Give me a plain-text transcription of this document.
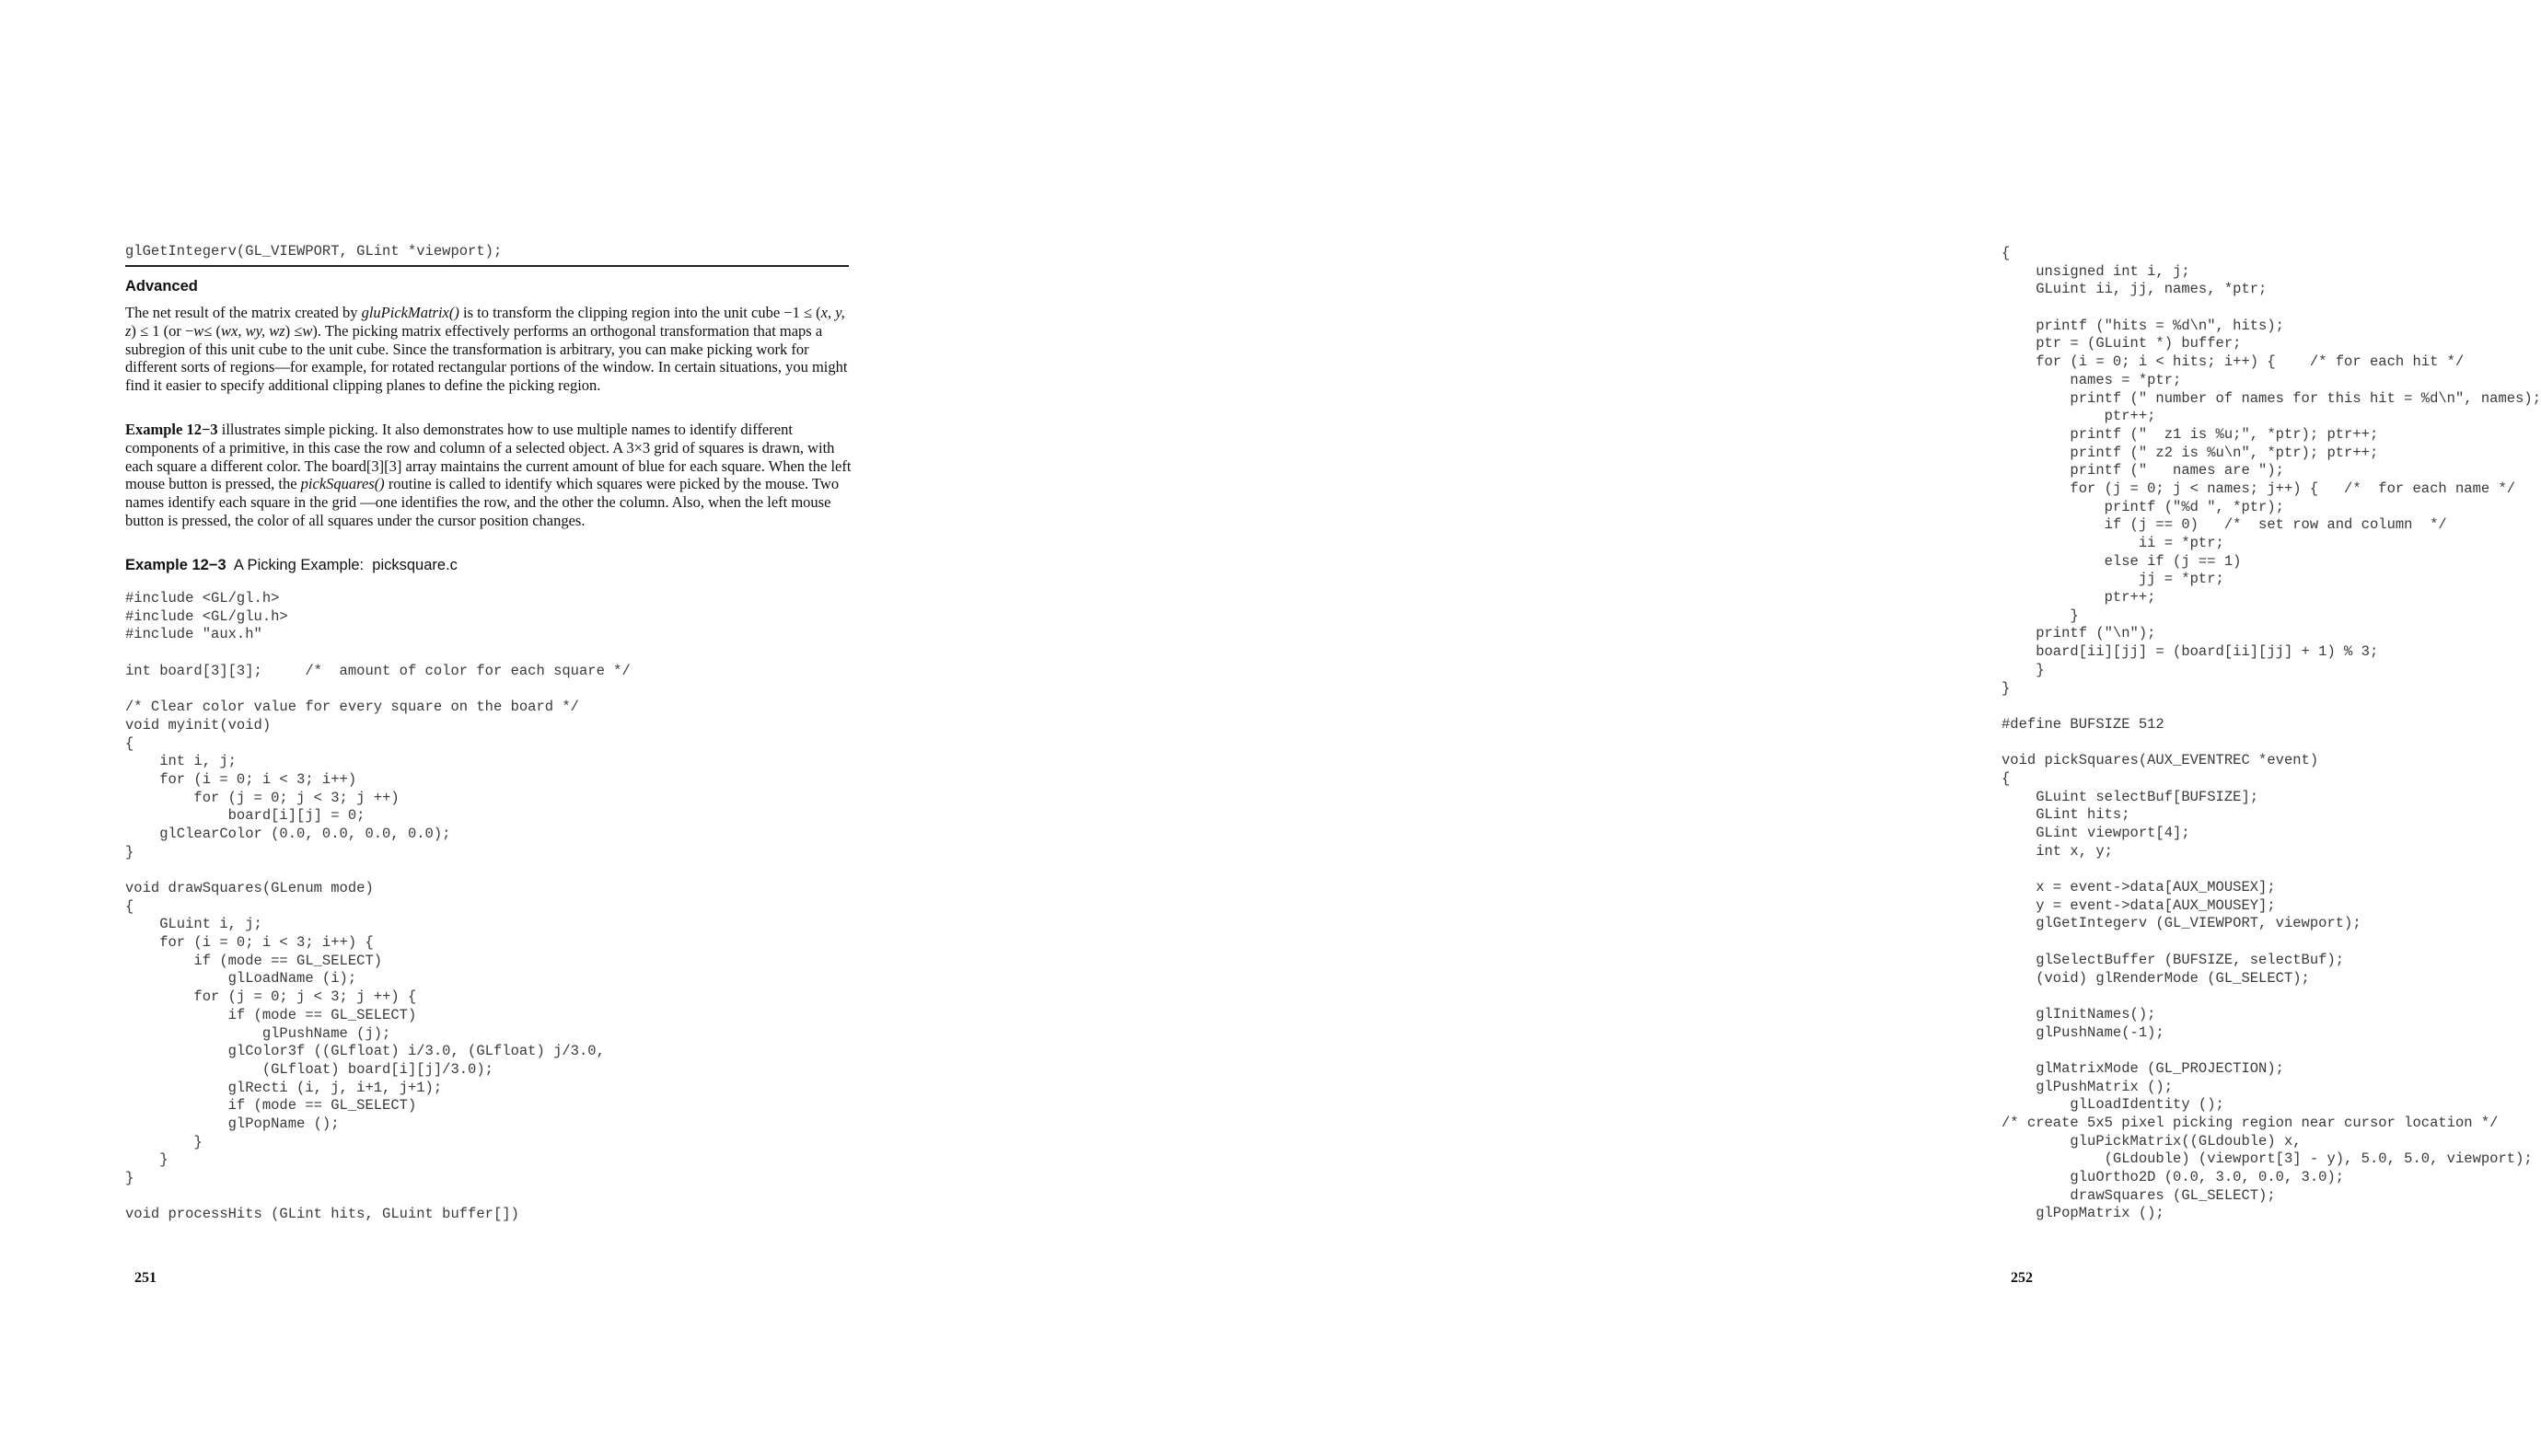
glGetIntegerv(GL_VIEWPORT, GLint *viewport);
Advanced
The net result of the matrix created by gluPickMatrix() is to transform the clipping region into the unit cube −1 ≤ (x, y, z) ≤ 1 (or −w≤ (wx, wy, wz) ≤w). The picking matrix effectively performs an orthogonal transformation that maps a subregion of this unit cube to the unit cube. Since the transformation is arbitrary, you can make picking work for different sorts of regions—for example, for rotated rectangular portions of the window. In certain situations, you might find it easier to specify additional clipping planes to define the picking region.
Example 12−3 illustrates simple picking. It also demonstrates how to use multiple names to identify different components of a primitive, in this case the row and column of a selected object. A 3×3 grid of squares is drawn, with each square a different color. The board[3][3] array maintains the current amount of blue for each square. When the left mouse button is pressed, the pickSquares() routine is called to identify which squares were picked by the mouse. Two names identify each square in the grid —one identifies the row, and the other the column. Also, when the left mouse button is pressed, the color of all squares under the cursor position changes.
Example 12−3  A Picking Example:  picksquare.c
#include <GL/gl.h>
#include <GL/glu.h>
#include "aux.h"
int board[3][3];     /*  amount of color for each square */
/* Clear color value for every square on the board */
void myinit(void)
{
int i, j;
for (i = 0; i < 3; i++)
for (j = 0; j < 3; j ++)
board[i][j] = 0;
glClearColor (0.0, 0.0, 0.0, 0.0);
}
void drawSquares(GLenum mode)
{
GLuint i, j;
for (i = 0; i < 3; i++) {
if (mode == GL_SELECT)
glLoadName (i);
for (j = 0; j < 3; j ++) {
if (mode == GL_SELECT)
glPushName (j);
glColor3f ((GLfloat) i/3.0, (GLfloat) j/3.0,
(GLfloat) board[i][j]/3.0);
glRecti (i, j, i+1, j+1);
if (mode == GL_SELECT)
glPopName ();
}
}
}
void processHits (GLint hits, GLuint buffer[])
251
{
unsigned int i, j;
GLuint ii, jj, names, *ptr;
printf ("hits = %d\n", hits);
ptr = (GLuint *) buffer;
for (i = 0; i < hits; i++) {    /* for each hit */
names = *ptr;
printf (" number of names for this hit = %d\n", names);
ptr++;
printf ("  z1 is %u;", *ptr); ptr++;
printf (" z2 is %u\n", *ptr); ptr++;
printf ("   names are ");
for (j = 0; j < names; j++) {   /*  for each name */
printf ("%d ", *ptr);
if (j == 0)   /*  set row and column  */
ii = *ptr;
else if (j == 1)
jj = *ptr;
ptr++;
}
printf ("\n");
board[ii][jj] = (board[ii][jj] + 1) % 3;
}
}
#define BUFSIZE 512
void pickSquares(AUX_EVENTREC *event)
{
GLuint selectBuf[BUFSIZE];
GLint hits;
GLint viewport[4];
int x, y;
x = event->data[AUX_MOUSEX];
y = event->data[AUX_MOUSEY];
glGetIntegerv (GL_VIEWPORT, viewport);
glSelectBuffer (BUFSIZE, selectBuf);
(void) glRenderMode (GL_SELECT);
glInitNames();
glPushName(-1);
glMatrixMode (GL_PROJECTION);
glPushMatrix ();
glLoadIdentity ();
/* create 5x5 pixel picking region near cursor location */
gluPickMatrix((GLdouble) x,
(GLdouble) (viewport[3] - y), 5.0, 5.0, viewport);
gluOrtho2D (0.0, 3.0, 0.0, 3.0);
drawSquares (GL_SELECT);
glPopMatrix ();
252
